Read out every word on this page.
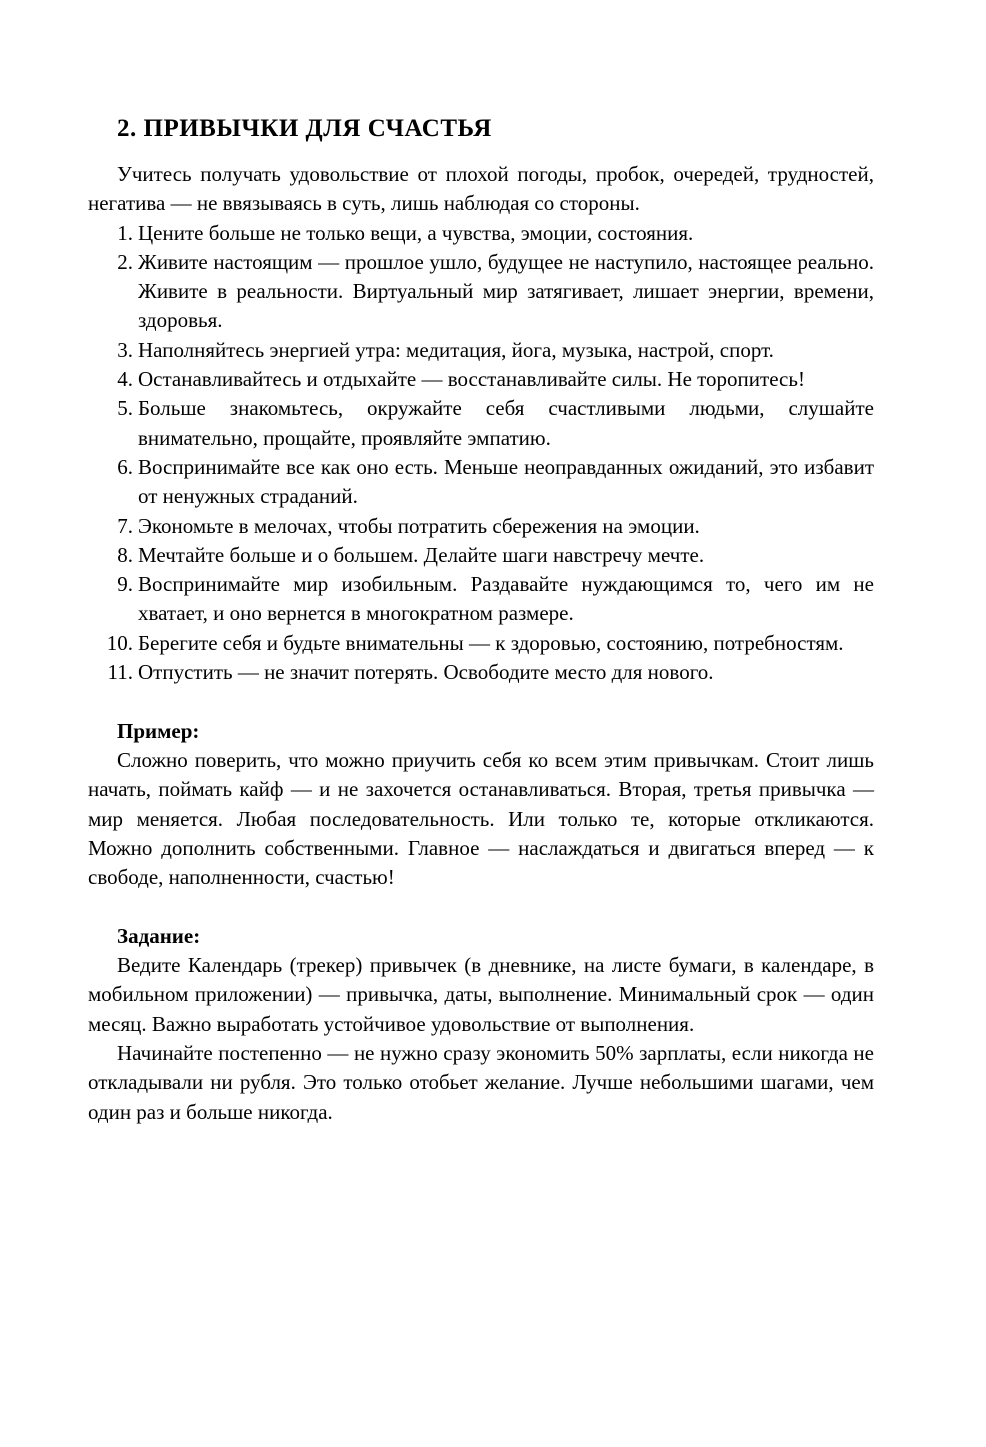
2. ПРИВЫЧКИ ДЛЯ СЧАСТЬЯ

Учитесь получать удовольствие от плохой погоды, пробок, очередей, трудностей, негатива — не ввязываясь в суть, лишь наблюдая со стороны.

1. Цените больше не только вещи, а чувства, эмоции, состояния.
2. Живите настоящим — прошлое ушло, будущее не наступило, настоящее реально. Живите в реальности. Виртуальный мир затягивает, лишает энергии, времени, здоровья.
3. Наполняйтесь энергией утра: медитация, йога, музыка, настрой, спорт.
4. Останавливайтесь и отдыхайте — восстанавливайте силы. Не торопитесь!
5. Больше знакомьтесь, окружайте себя счастливыми людьми, слушайте внимательно, прощайте, проявляйте эмпатию.
6. Воспринимайте все как оно есть. Меньше неоправданных ожиданий, это избавит от ненужных страданий.
7. Экономьте в мелочах, чтобы потратить сбережения на эмоции.
8. Мечтайте больше и о большем. Делайте шаги навстречу мечте.
9. Воспринимайте мир изобильным. Раздавайте нуждающимся то, чего им не хватает, и оно вернется в многократном размере.
10. Берегите себя и будьте внимательны — к здоровью, состоянию, потребностям.
11. Отпустить — не значит потерять. Освободите место для нового.

Пример:

Сложно поверить, что можно приучить себя ко всем этим привычкам. Стоит лишь начать, поймать кайф — и не захочется останавливаться. Вторая, третья привычка — мир меняется. Любая последовательность. Или только те, которые откликаются. Можно дополнить собственными. Главное — наслаждаться и двигаться вперед — к свободе, наполненности, счастью!

Задание:

Ведите Календарь (трекер) привычек (в дневнике, на листе бумаги, в календаре, в мобильном приложении) — привычка, даты, выполнение. Минимальный срок — один месяц. Важно выработать устойчивое удовольствие от выполнения.

Начинайте постепенно — не нужно сразу экономить 50% зарплаты, если никогда не откладывали ни рубля. Это только отобьет желание. Лучше небольшими шагами, чем один раз и больше никогда.
